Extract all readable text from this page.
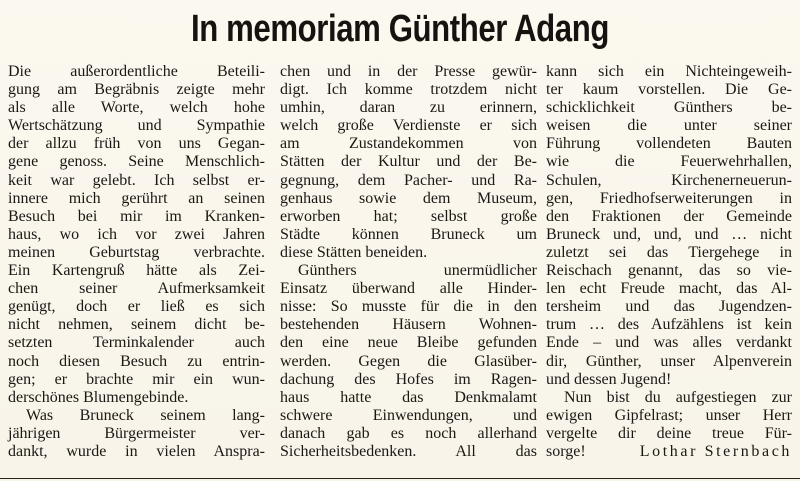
In memoriam Günther Adang
Die außerordentliche Beteili-
gung am Begräbnis zeigte mehr
als alle Worte, welch hohe
Wertschätzung und Sympathie
der allzu früh von uns Gegan-
gene genoss. Seine Menschlich-
keit war gelebt. Ich selbst er-
innere mich gerührt an seinen
Besuch bei mir im Kranken-
haus, wo ich vor zwei Jahren
meinen Geburtstag verbrachte.
Ein Kartengruß hätte als Zei-
chen seiner Aufmerksamkeit
genügt, doch er ließ es sich
nicht nehmen, seinem dicht be-
setzten Terminkalender auch
noch diesen Besuch zu entrin-
gen; er brachte mir ein wun-
derschönes Blumengebinde.
Was Bruneck seinem lang-
jährigen Bürgermeister ver-
dankt, wurde in vielen Anspra-
chen und in der Presse gewür-
digt. Ich komme trotzdem nicht
umhin, daran zu erinnern,
welch große Verdienste er sich
am Zustandekommen von
Stätten der Kultur und der Be-
gegnung, dem Pacher- und Ra-
genhaus sowie dem Museum,
erworben hat; selbst große
Städte können Bruneck um
diese Stätten beneiden.
Günthers unermüdlicher
Einsatz überwand alle Hinder-
nisse: So musste für die in den
bestehenden Häusern Wohnen-
den eine neue Bleibe gefunden
werden. Gegen die Glasüber-
dachung des Hofes im Ragen-
haus hatte das Denkmalamt
schwere Einwendungen, und
danach gab es noch allerhand
Sicherheitsbedenken. All das
kann sich ein Nichteingeweih-
ter kaum vorstellen. Die Ge-
schicklichkeit Günthers be-
weisen die unter seiner
Führung vollendeten Bauten
wie die Feuerwehrhallen,
Schulen, Kirchenerneuerun-
gen, Friedhofserweiterungen in
den Fraktionen der Gemeinde
Bruneck und, und, und … nicht
zuletzt sei das Tiergehege in
Reischach genannt, das so vie-
len echt Freude macht, das Al-
tersheim und das Jugendzen-
trum … des Aufzählens ist kein
Ende – und was alles verdankt
dir, Günther, unser Alpenverein
und dessen Jugend!
Nun bist du aufgestiegen zur
ewigen Gipfelrast; unser Herr
vergelte dir deine treue Für-
sorge!	Lothar Sternbach
